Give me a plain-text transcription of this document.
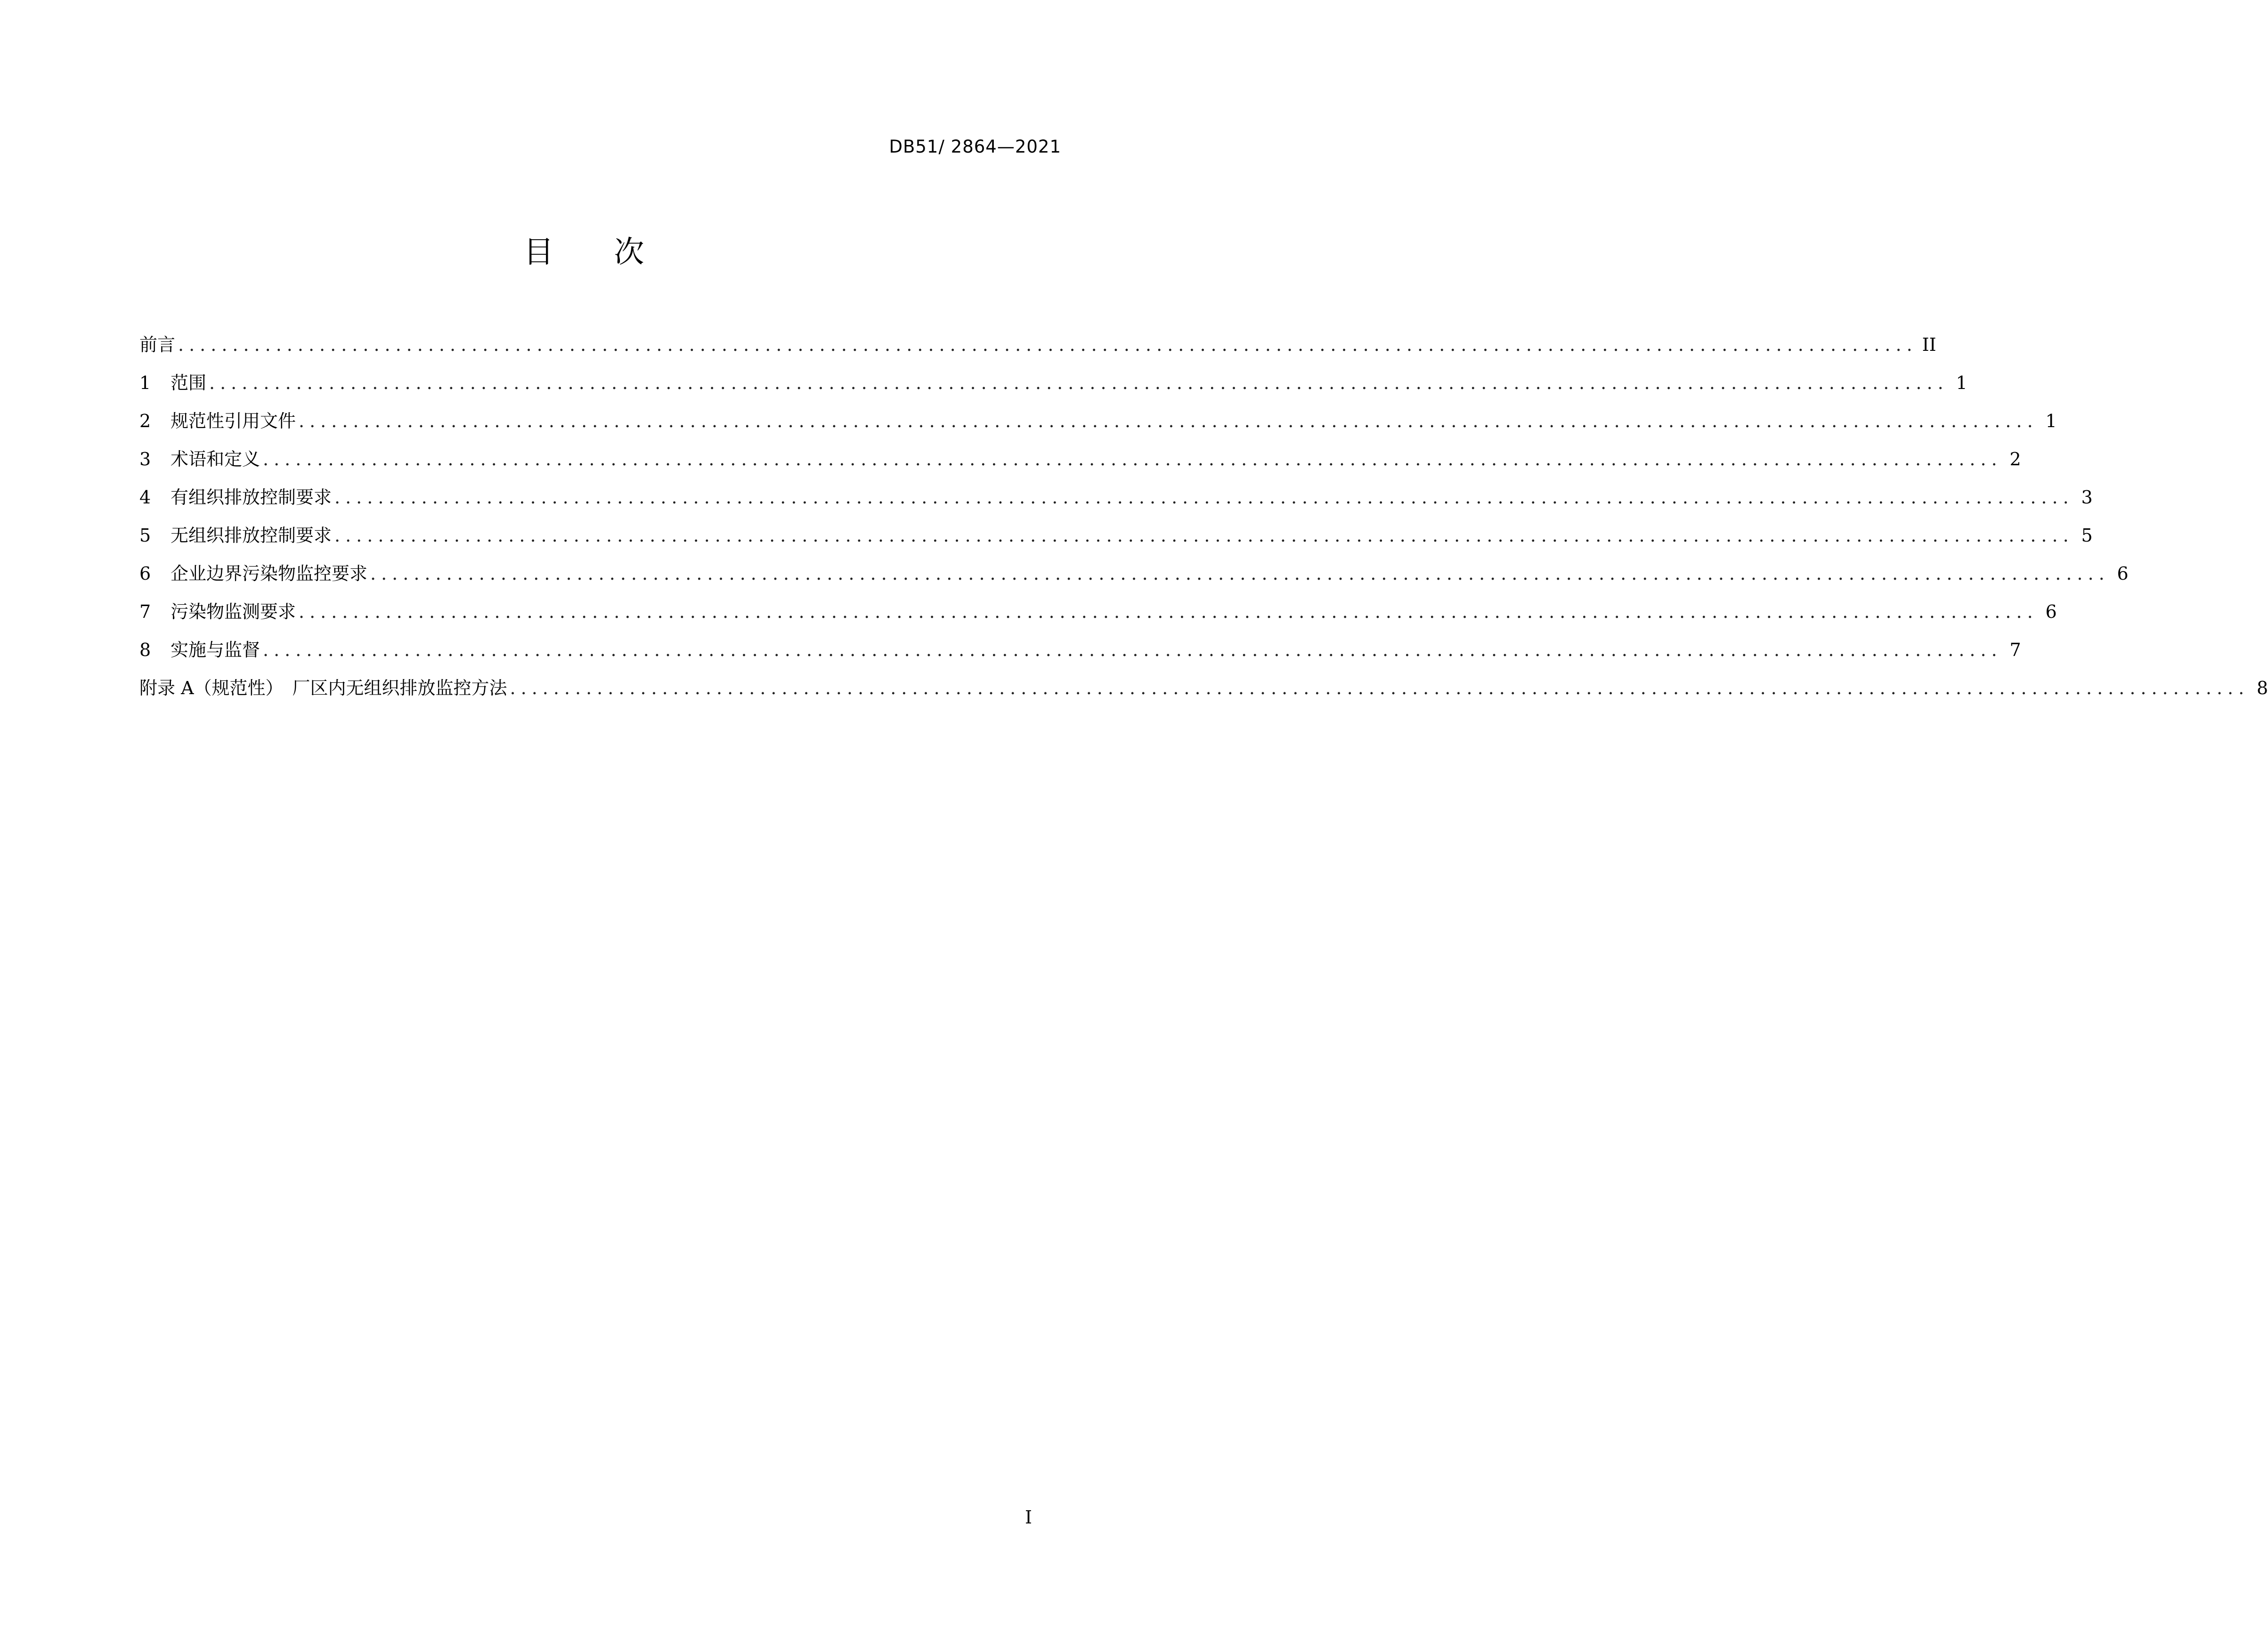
DB51/ 2864—2021
目　　次
前言 ................................................................................................................................................................ II
1 范围 ................................................................................................................................................................ 1
2 规范性引用文件 ................................................................................................................................................................ 1
3 术语和定义 ................................................................................................................................................................ 2
4 有组织排放控制要求 ................................................................................................................................................................ 3
5 无组织排放控制要求 ................................................................................................................................................................ 5
6 企业边界污染物监控要求 ................................................................................................................................................................ 6
7 污染物监测要求 ................................................................................................................................................................ 6
8 实施与监督 ................................................................................................................................................................ 7
附录 A（规范性）　厂区内无组织排放监控方法 ................................................................................................................................................................ 8
I
